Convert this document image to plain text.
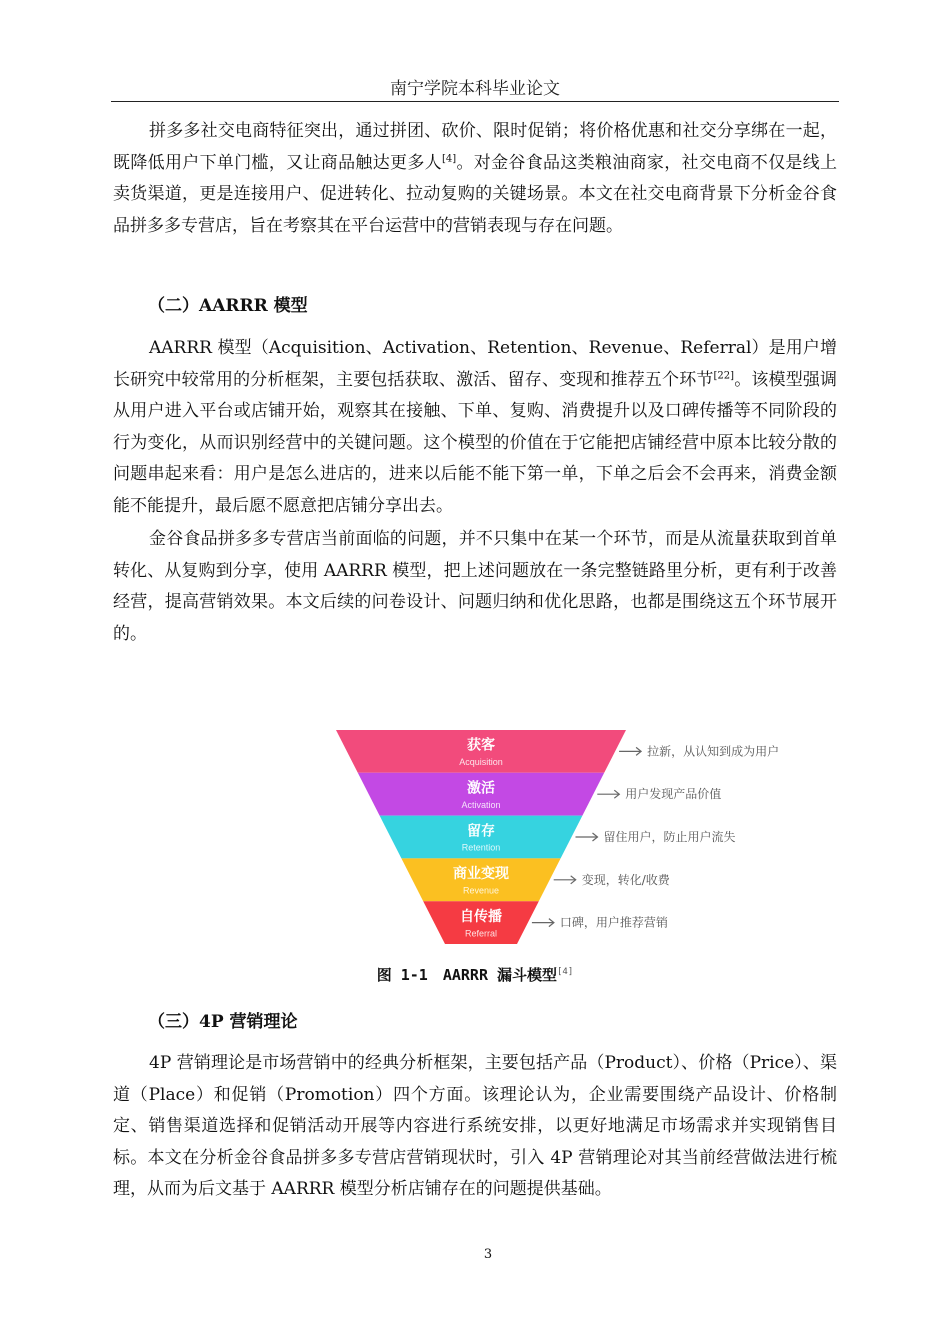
南宁学院本科毕业论文

拼多多社交电商特征突出，通过拼团、砍价、限时促销；将价格优惠和社交分享绑在一起，既降低用户下单门槛，又让商品触达更多人[4]。对金谷食品这类粮油商家，社交电商不仅是线上卖货渠道，更是连接用户、促进转化、拉动复购的关键场景。本文在社交电商背景下分析金谷食品拼多多专营店，旨在考察其在平台运营中的营销表现与存在问题。

（二）AARRR 模型

AARRR 模型（Acquisition、Activation、Retention、Revenue、Referral）是用户增长研究中较常用的分析框架，主要包括获取、激活、留存、变现和推荐五个环节[22]。该模型强调从用户进入平台或店铺开始，观察其在接触、下单、复购、消费提升以及口碑传播等不同阶段的行为变化，从而识别经营中的关键问题。这个模型的价值在于它能把店铺经营中原本比较分散的问题串起来看：用户是怎么进店的，进来以后能不能下第一单，下单之后会不会再来，消费金额能不能提升，最后愿不愿意把店铺分享出去。

金谷食品拼多多专营店当前面临的问题，并不只集中在某一个环节，而是从流量获取到首单转化、从复购到分享，使用 AARRR 模型，把上述问题放在一条完整链路里分析，更有利于改善经营，提高营销效果。本文后续的问卷设计、问题归纳和优化思路，也都是围绕这五个环节展开的。

获客
Acquisition
拉新，从认知到成为用户
激活
Activation
用户发现产品价值
留存
Retention
留住用户，防止用户流失
商业变现
Revenue
变现，转化/收费
自传播
Referral
口碑，用户推荐营销
图 1-1　AARRR 漏斗模型[4]
（三）4P 营销理论

4P 营销理论是市场营销中的经典分析框架，主要包括产品（Product）、价格（Price）、渠道（Place）和促销（Promotion）四个方面。该理论认为，企业需要围绕产品设计、价格制定、销售渠道选择和促销活动开展等内容进行系统安排，以更好地满足市场需求并实现销售目标。本文在分析金谷食品拼多多专营店营销现状时，引入 4P 营销理论对其当前经营做法进行梳理，从而为后文基于 AARRR 模型分析店铺存在的问题提供基础。

3
